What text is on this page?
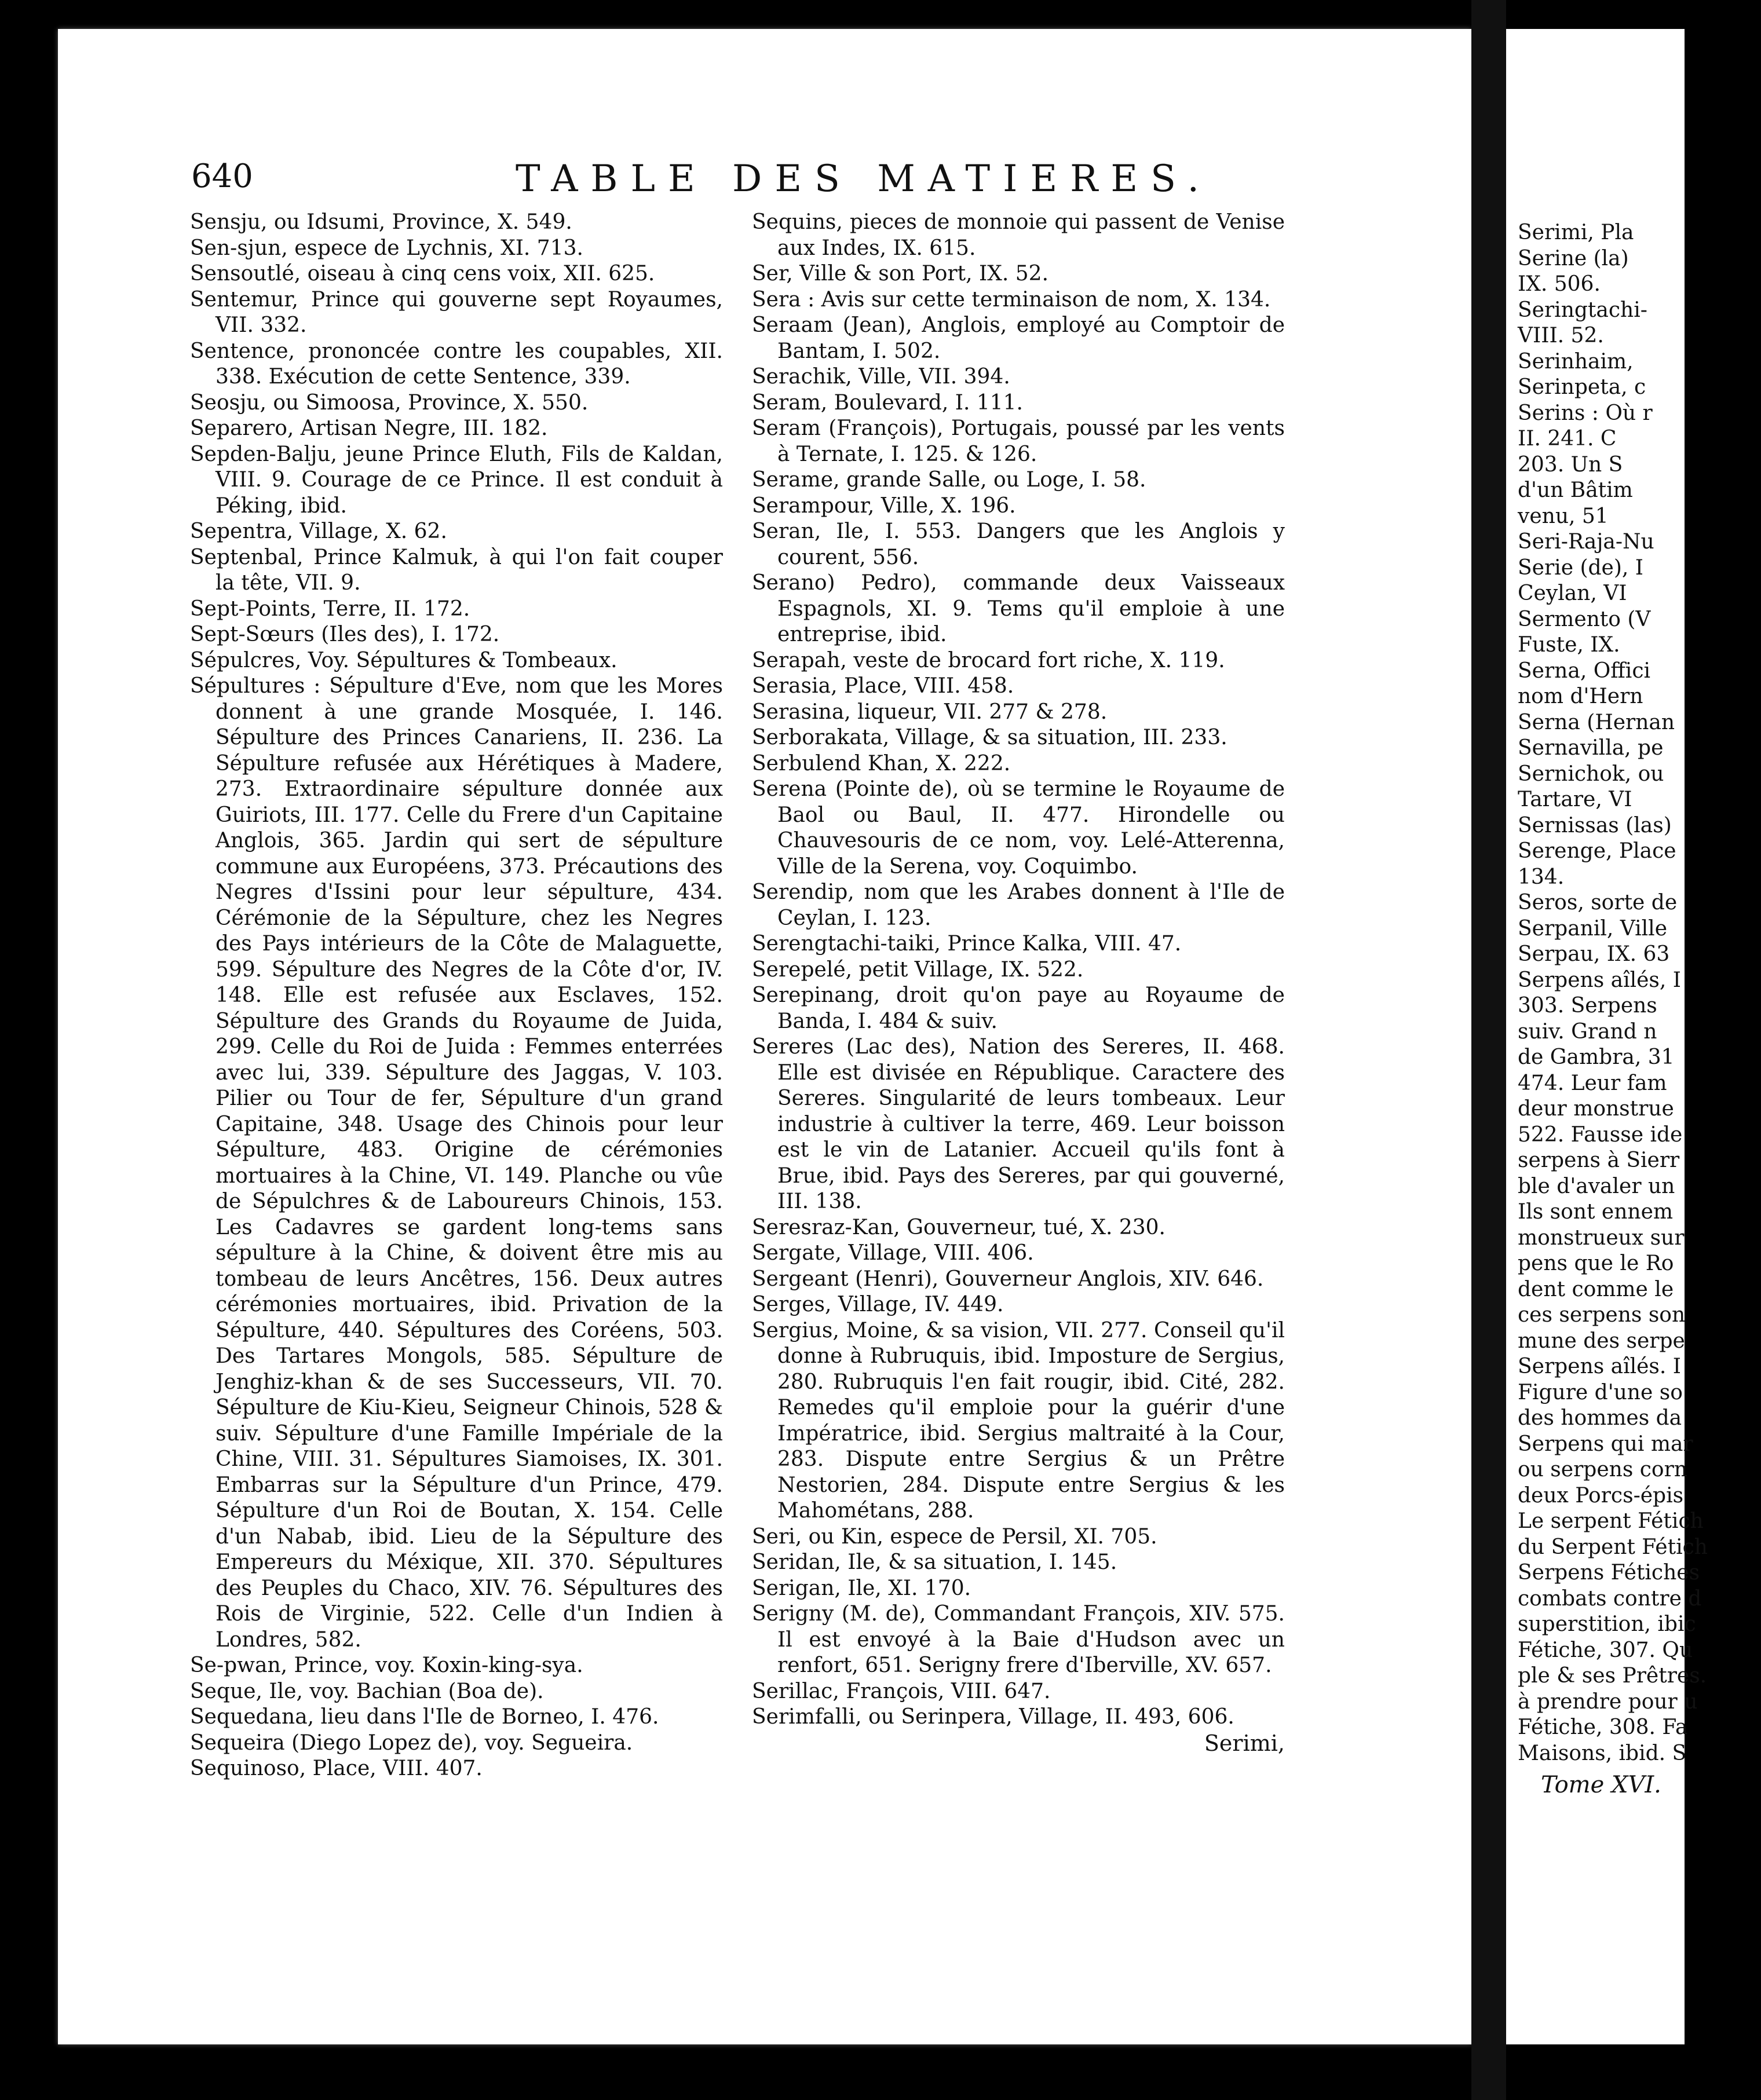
Serimi, Pla
Serine (la)
IX. 506.
Seringtachi-
VIII. 52.
Serinhaim,
Serinpeta, c
Serins : Où r
II. 241. C
203. Un S
d'un Bâtim
venu, 51
Seri-Raja-Nu
Serie (de), I
Ceylan, VI
Sermento (V
Fuste, IX.
Serna, Offici
nom d'Hern
Serna (Hernan
Sernavilla, pe
Sernichok, ou
Tartare, VI
Sernissas (las)
Serenge, Place
134.
Seros, sorte de
Serpanil, Ville
Serpau, IX. 63
Serpens aîlés, I
303. Serpens
suiv. Grand n
de Gambra, 31
474. Leur fam
deur monstrue
522. Fausse ide
serpens à Sierr
ble d'avaler un
Ils sont ennem
monstrueux sur
pens que le Ro
dent comme le
ces serpens son
mune des serpe
Serpens aîlés. I
Figure d'une so
des hommes da
Serpens qui mar
ou serpens corn
deux Porcs-épis
Le serpent Fétich
du Serpent Fétich
Serpens Fétiches
combats contre d
superstition, ibic
Fétiche, 307. Qu
ple & ses Prêtres.
à prendre pour u
Fétiche, 308. Fa
Maisons, ibid. S
Tome XVI.
640	TABLE DES MATIERES.
Sensju, ou Idsumi, Province, X. 549.
Sen-sjun, espece de Lychnis, XI. 713.
Sensoutlé, oiseau à cinq cens voix, XII. 625.
Sentemur, Prince qui gouverne sept Royaumes, VII. 332.
Sentence, prononcée contre les coupables, XII. 338. Exécution de cette Sentence, 339.
Seosju, ou Simoosa, Province, X. 550.
Separero, Artisan Negre, III. 182.
Sepden-Balju, jeune Prince Eluth, Fils de Kaldan, VIII. 9. Courage de ce Prince. Il est conduit à Péking, ibid.
Sepentra, Village, X. 62.
Septenbal, Prince Kalmuk, à qui l'on fait couper la tête, VII. 9.
Sept-Points, Terre, II. 172.
Sept-Sœurs (Iles des), I. 172.
Sépulcres, Voy. Sépultures & Tombeaux.
Sépultures : Sépulture d'Eve, nom que les Mores donnent à une grande Mosquée, I. 146. Sépulture des Princes Canariens, II. 236. La Sépulture refusée aux Hérétiques à Madere, 273. Extraordinaire sépulture donnée aux Guiriots, III. 177. Celle du Frere d'un Capitaine Anglois, 365. Jardin qui sert de sépulture commune aux Européens, 373. Précautions des Negres d'Issini pour leur sépulture, 434. Cérémonie de la Sépulture, chez les Negres des Pays intérieurs de la Côte de Malaguette, 599. Sépulture des Negres de la Côte d'or, IV. 148. Elle est refusée aux Esclaves, 152. Sépulture des Grands du Royaume de Juida, 299. Celle du Roi de Juida : Femmes enterrées avec lui, 339. Sépulture des Jaggas, V. 103. Pilier ou Tour de fer, Sépulture d'un grand Capitaine, 348. Usage des Chinois pour leur Sépulture, 483. Origine de cérémonies mortuaires à la Chine, VI. 149. Planche ou vûe de Sépulchres & de Laboureurs Chinois, 153. Les Cadavres se gardent long-tems sans sépulture à la Chine, & doivent être mis au tombeau de leurs Ancêtres, 156. Deux autres cérémonies mortuaires, ibid. Privation de la Sépulture, 440. Sépultures des Coréens, 503. Des Tartares Mongols, 585. Sépulture de Jenghiz-khan & de ses Successeurs, VII. 70. Sépulture de Kiu-Kieu, Seigneur Chinois, 528 & suiv. Sépulture d'une Famille Impériale de la Chine, VIII. 31. Sépultures Siamoises, IX. 301. Embarras sur la Sépulture d'un Prince, 479. Sépulture d'un Roi de Boutan, X. 154. Celle d'un Nabab, ibid. Lieu de la Sépulture des Empereurs du Méxique, XII. 370. Sépultures des Peuples du Chaco, XIV. 76. Sépultures des Rois de Virginie, 522. Celle d'un Indien à Londres, 582.
Se-pwan, Prince, voy. Koxin-king-sya.
Seque, Ile, voy. Bachian (Boa de).
Sequedana, lieu dans l'Ile de Borneo, I. 476.
Sequeira (Diego Lopez de), voy. Segueira.
Sequinoso, Place, VIII. 407.
Sequins, pieces de monnoie qui passent de Venise aux Indes, IX. 615.
Ser, Ville & son Port, IX. 52.
Sera : Avis sur cette terminaison de nom, X. 134.
Seraam (Jean), Anglois, employé au Comptoir de Bantam, I. 502.
Serachik, Ville, VII. 394.
Seram, Boulevard, I. 111.
Seram (François), Portugais, poussé par les vents à Ternate, I. 125. & 126.
Serame, grande Salle, ou Loge, I. 58.
Serampour, Ville, X. 196.
Seran, Ile, I. 553. Dangers que les Anglois y courent, 556.
Serano) Pedro), commande deux Vaisseaux Espagnols, XI. 9. Tems qu'il emploie à une entreprise, ibid.
Serapah, veste de brocard fort riche, X. 119.
Serasia, Place, VIII. 458.
Serasina, liqueur, VII. 277 & 278.
Serborakata, Village, & sa situation, III. 233.
Serbulend Khan, X. 222.
Serena (Pointe de), où se termine le Royaume de Baol ou Baul, II. 477. Hirondelle ou Chauvesouris de ce nom, voy. Lelé-Atterenna, Ville de la Serena, voy. Coquimbo.
Serendip, nom que les Arabes donnent à l'Ile de Ceylan, I. 123.
Serengtachi-taiki, Prince Kalka, VIII. 47.
Serepelé, petit Village, IX. 522.
Serepinang, droit qu'on paye au Royaume de Banda, I. 484 & suiv.
Sereres (Lac des), Nation des Sereres, II. 468. Elle est divisée en République. Caractere des Sereres. Singularité de leurs tombeaux. Leur industrie à cultiver la terre, 469. Leur boisson est le vin de Latanier. Accueil qu'ils font à Brue, ibid. Pays des Sereres, par qui gouverné, III. 138.
Seresraz-Kan, Gouverneur, tué, X. 230.
Sergate, Village, VIII. 406.
Sergeant (Henri), Gouverneur Anglois, XIV. 646.
Serges, Village, IV. 449.
Sergius, Moine, & sa vision, VII. 277. Conseil qu'il donne à Rubruquis, ibid. Imposture de Sergius, 280. Rubruquis l'en fait rougir, ibid. Cité, 282. Remedes qu'il emploie pour la guérir d'une Impératrice, ibid. Sergius maltraité à la Cour, 283. Dispute entre Sergius & un Prêtre Nestorien, 284. Dispute entre Sergius & les Mahométans, 288.
Seri, ou Kin, espece de Persil, XI. 705.
Seridan, Ile, & sa situation, I. 145.
Serigan, Ile, XI. 170.
Serigny (M. de), Commandant François, XIV. 575. Il est envoyé à la Baie d'Hudson avec un renfort, 651. Serigny frere d'Iberville, XV. 657.
Serillac, François, VIII. 647.
Serimfalli, ou Serinpera, Village, II. 493, 606.
Serimi,
